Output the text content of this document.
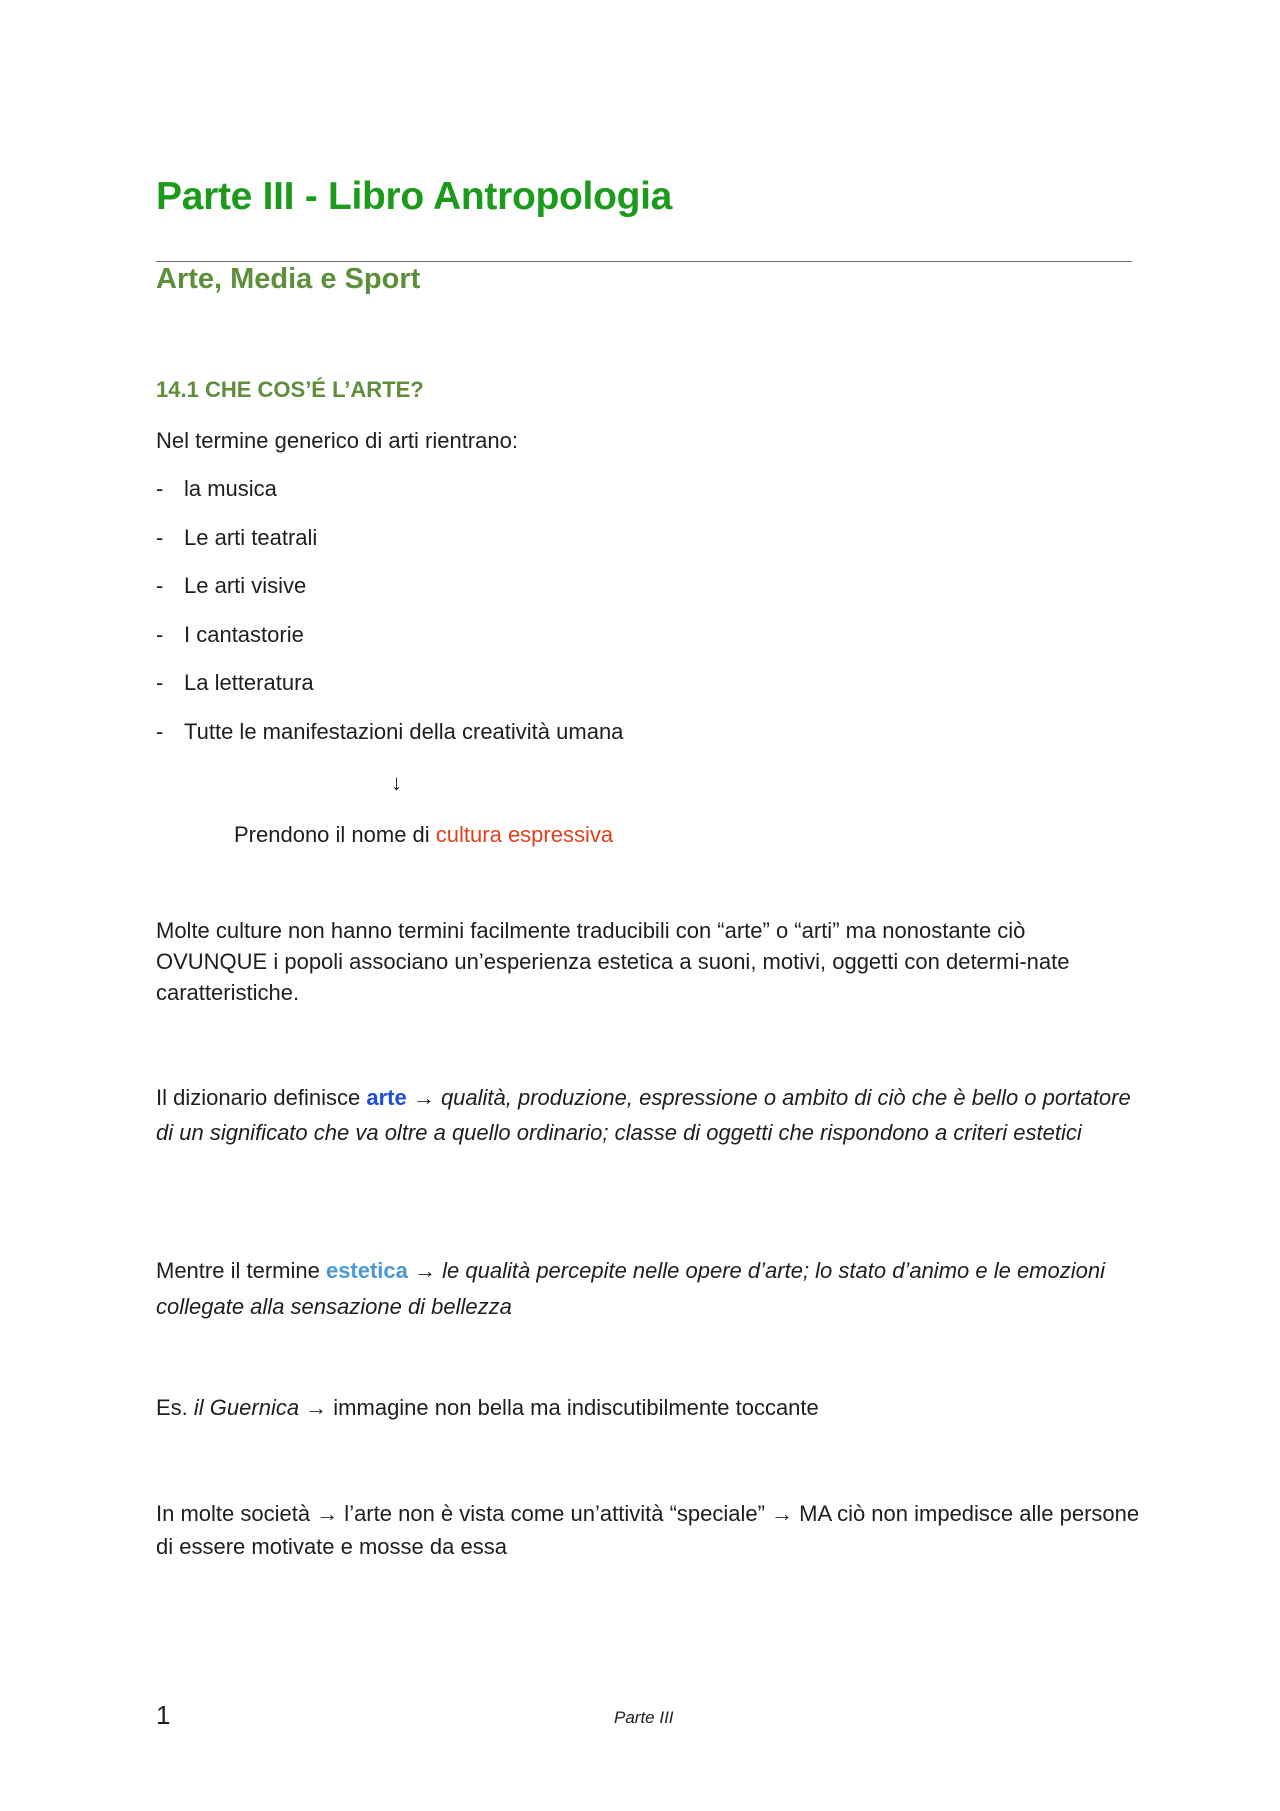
Parte III - Libro Antropologia
Arte, Media e Sport
14.1 CHE COS’É L’ARTE?

Nel termine generico di arti rientrano:

- la musica
- Le arti teatrali
- Le arti visive
- I cantastorie
- La letteratura
- Tutte le manifestazioni della creatività umana
↓

Prendono il nome di cultura espressiva

Molte culture non hanno termini facilmente traducibili con “arte” o “arti” ma nonostante ciò OVUNQUE i popoli associano un’esperienza estetica a suoni, motivi, oggetti con determi-nate caratteristiche.

Il dizionario definisce arte → qualità, produzione, espressione o ambito di ciò che è bello o portatore di un significato che va oltre a quello ordinario; classe di oggetti che rispondono a criteri estetici

Mentre il termine estetica → le qualità percepite nelle opere d’arte; lo stato d’animo e le emozioni collegate alla sensazione di bellezza

Es. il Guernica → immagine non bella ma indiscutibilmente toccante

In molte società → l’arte non è vista come un’attività “speciale” → MA ciò non impedisce alle persone di essere motivate e mosse da essa

1	Parte III
